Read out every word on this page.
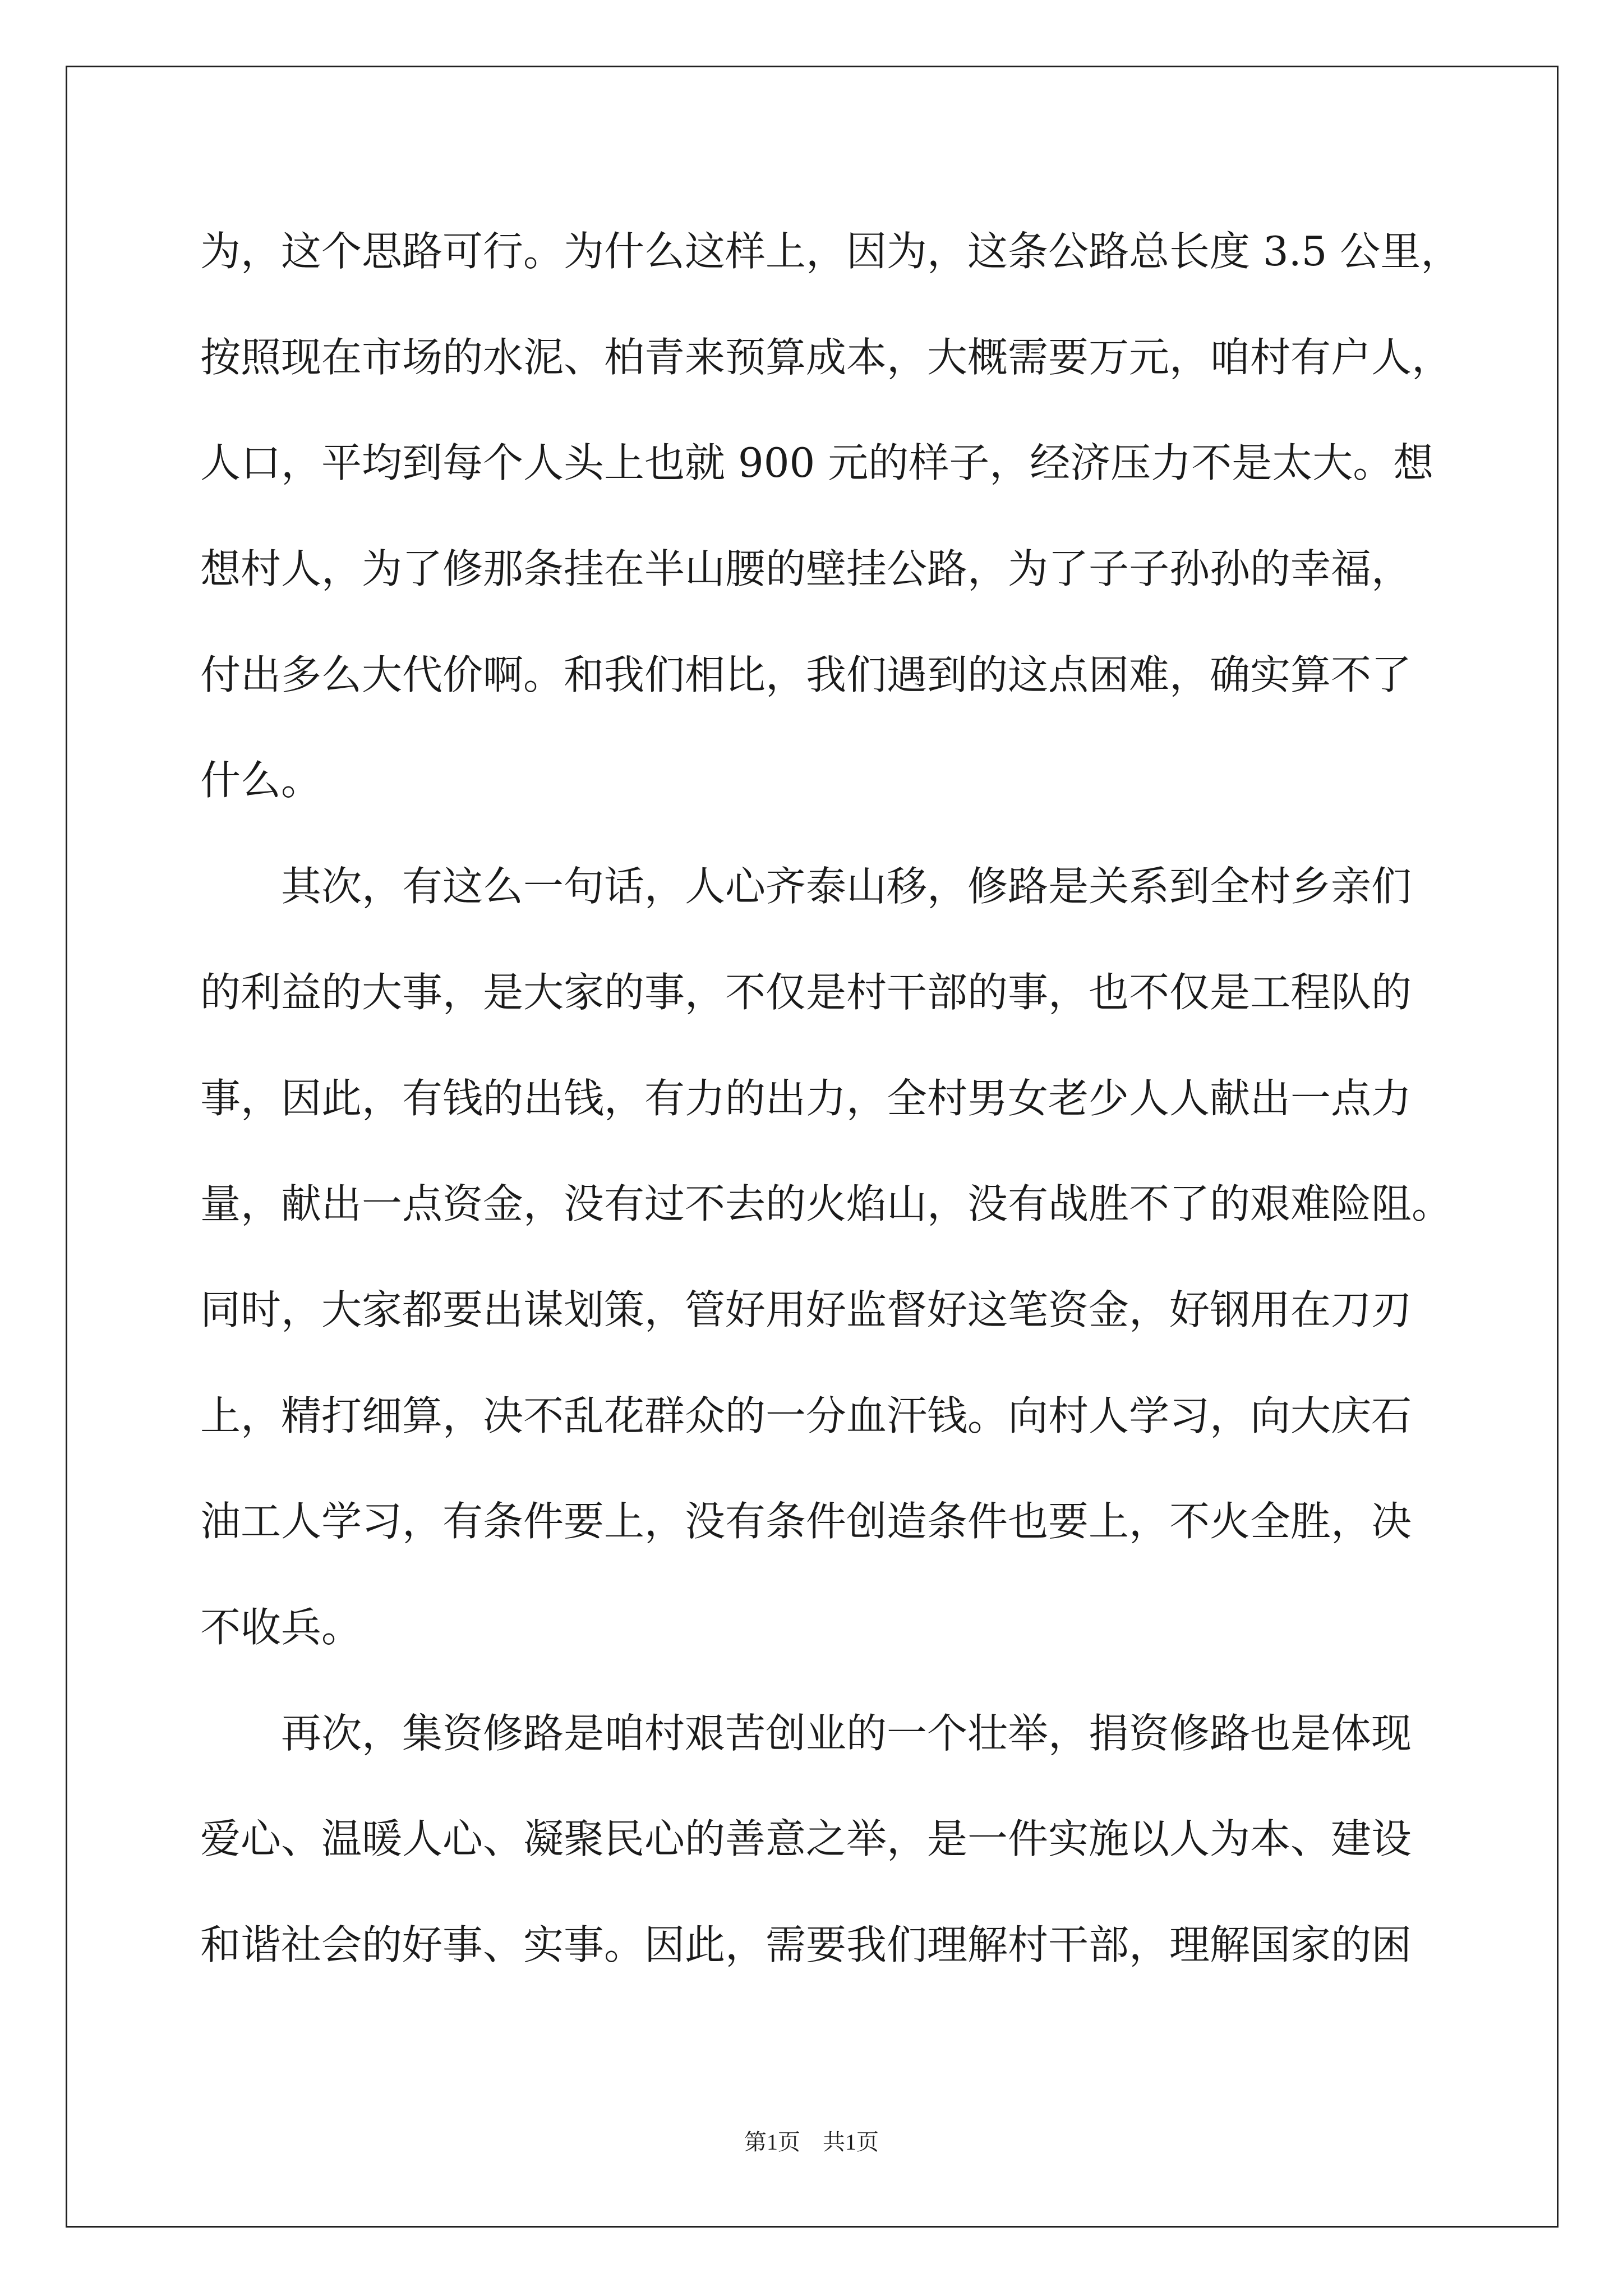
为，这个思路可行。为什么这样上，因为，这条公路总长度 3.5 公里，
按照现在市场的水泥、柏青来预算成本，大概需要万元，咱村有户人，
人口，平均到每个人头上也就 900 元的样子，经济压力不是太大。想
想村人，为了修那条挂在半山腰的壁挂公路，为了子子孙孙的幸福，
付出多么大代价啊。和我们相比，我们遇到的这点困难，确实算不了
什么。
其次，有这么一句话，人心齐泰山移，修路是关系到全村乡亲们
的利益的大事，是大家的事，不仅是村干部的事，也不仅是工程队的
事，因此，有钱的出钱，有力的出力，全村男女老少人人献出一点力
量，献出一点资金，没有过不去的火焰山，没有战胜不了的艰难险阻。
同时，大家都要出谋划策，管好用好监督好这笔资金，好钢用在刀刃
上，精打细算，决不乱花群众的一分血汗钱。向村人学习，向大庆石
油工人学习，有条件要上，没有条件创造条件也要上，不火全胜，决
不收兵。
再次，集资修路是咱村艰苦创业的一个壮举，捐资修路也是体现
爱心、温暖人心、凝聚民心的善意之举，是一件实施以人为本、建设
和谐社会的好事、实事。因此，需要我们理解村干部，理解国家的困
第1页 共1页
